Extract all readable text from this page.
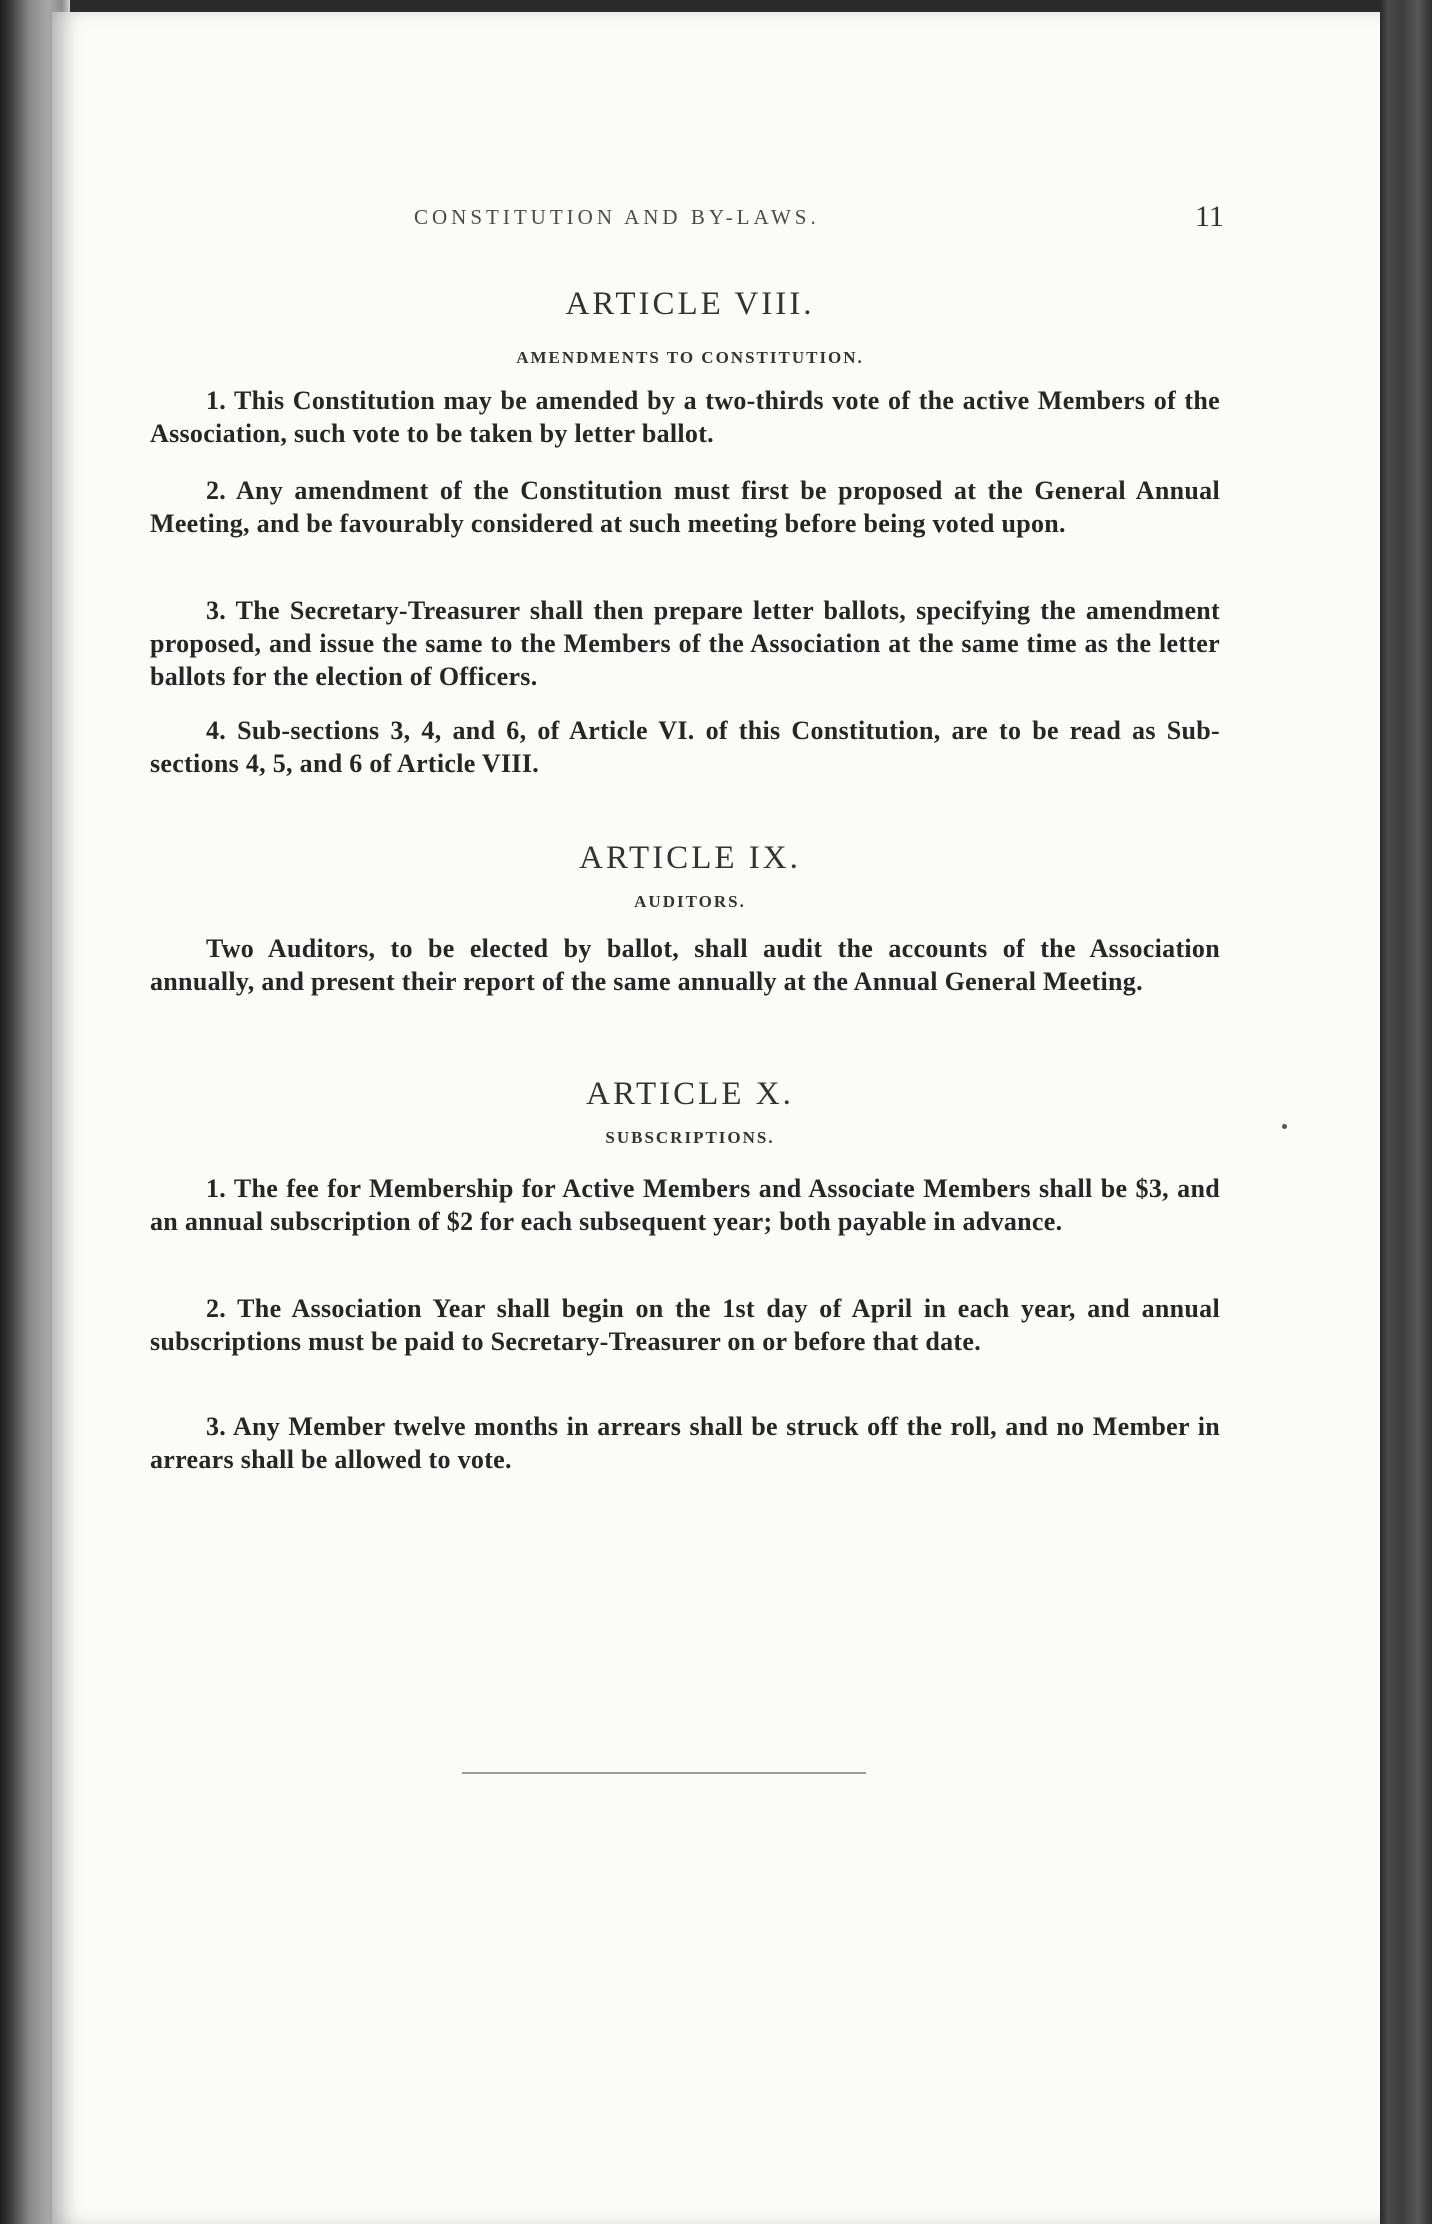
CONSTITUTION AND BY-LAWS.	11
ARTICLE VIII.
AMENDMENTS TO CONSTITUTION.

1. This Constitution may be amended by a two-thirds vote of the active Members of the Association, such vote to be taken by letter ballot.

2. Any amendment of the Constitution must first be proposed at the General Annual Meeting, and be favourably considered at such meeting before being voted upon.

3. The Secretary-Treasurer shall then prepare letter ballots, specifying the amendment proposed, and issue the same to the Members of the Association at the same time as the letter ballots for the election of Officers.

4. Sub-sections 3, 4, and 6, of Article VI. of this Constitution, are to be read as Sub-sections 4, 5, and 6 of Article VIII.

ARTICLE IX.
AUDITORS.

Two Auditors, to be elected by ballot, shall audit the accounts of the Association annually, and present their report of the same annually at the Annual General Meeting.

ARTICLE X.
SUBSCRIPTIONS.

1. The fee for Membership for Active Members and Associate Members shall be $3, and an annual subscription of $2 for each subsequent year; both payable in advance.

2. The Association Year shall begin on the 1st day of April in each year, and annual subscriptions must be paid to Secretary-Treasurer on or before that date.

3. Any Member twelve months in arrears shall be struck off the roll, and no Member in arrears shall be allowed to vote.
